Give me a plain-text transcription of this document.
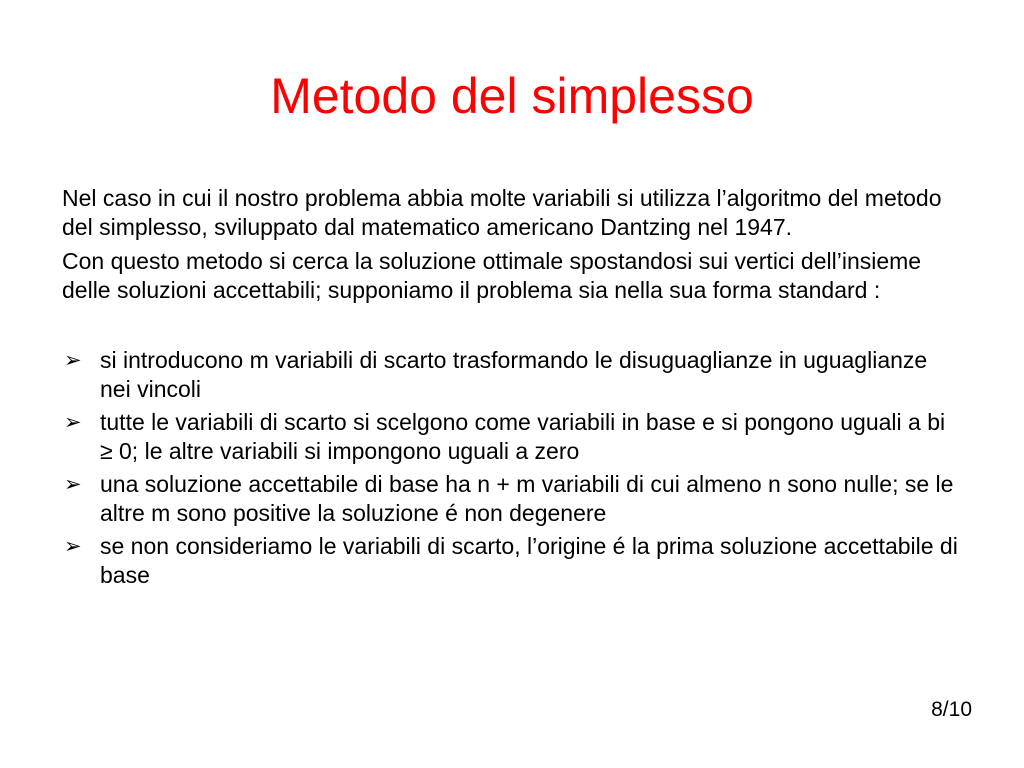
Metodo del simplesso

Nel caso in cui il nostro problema abbia molte variabili si utilizza l’algoritmo del metodo del simplesso, sviluppato dal matematico americano Dantzing nel 1947.

Con questo metodo si cerca la soluzione ottimale spostandosi sui vertici dell’insieme delle soluzioni accettabili; supponiamo il problema sia nella sua forma standard :

➢ si introducono m variabili di scarto trasformando le disuguaglianze in uguaglianze nei vincoli
➢ tutte le variabili di scarto si scelgono come variabili in base e si pongono uguali a bi ≥ 0; le altre variabili si impongono uguali a zero
➢ una soluzione accettabile di base ha n + m variabili di cui almeno n sono nulle; se le altre m sono positive la soluzione é non degenere
➢ se non consideriamo le variabili di scarto, l’origine é la prima soluzione accettabile di base
8/10
